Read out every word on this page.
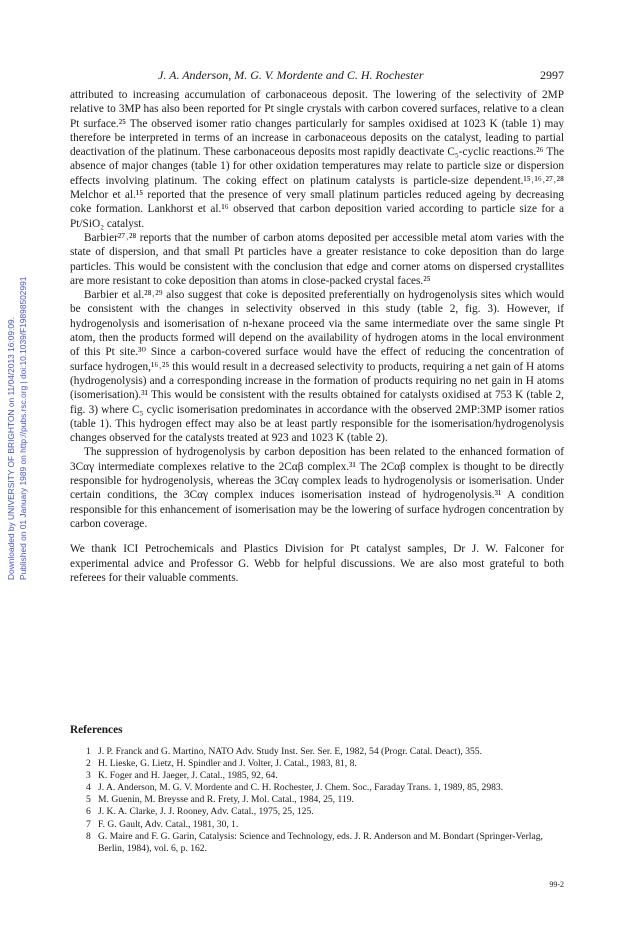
Downloaded by UNIVERSITY OF BRIGHTON on 11/04/2013 16:09:09. Published on 01 January 1989 on http://pubs.rsc.org | doi:10.1039/F19898502991
J. A. Anderson, M. G. V. Mordente and C. H. Rochester	2997

attributed to increasing accumulation of carbonaceous deposit. The lowering of the selectivity of 2MP relative to 3MP has also been reported for Pt single crystals with carbon covered surfaces, relative to a clean Pt surface.²⁵ The observed isomer ratio changes particularly for samples oxidised at 1023 K (table 1) may therefore be interpreted in terms of an increase in carbonaceous deposits on the catalyst, leading to partial deactivation of the platinum. These carbonaceous deposits most rapidly deactivate C₅-cyclic reactions.²⁶ The absence of major changes (table 1) for other oxidation temperatures may relate to particle size or dispersion effects involving platinum. The coking effect on platinum catalysts is particle-size dependent.¹⁵˒¹⁶˒²⁷˒²⁸ Melchor et al.¹⁵ reported that the presence of very small platinum particles reduced ageing by decreasing coke formation. Lankhorst et al.¹⁶ observed that carbon deposition varied according to particle size for a Pt/SiO₂ catalyst.

Barbier²⁷˒²⁸ reports that the number of carbon atoms deposited per accessible metal atom varies with the state of dispersion, and that small Pt particles have a greater resistance to coke deposition than do large particles. This would be consistent with the conclusion that edge and corner atoms on dispersed crystallites are more resistant to coke deposition than atoms in close-packed crystal faces.²⁵

Barbier et al.²⁸˒²⁹ also suggest that coke is deposited preferentially on hydrogenolysis sites which would be consistent with the changes in selectivity observed in this study (table 2, fig. 3). However, if hydrogenolysis and isomerisation of n-hexane proceed via the same intermediate over the same single Pt atom, then the products formed will depend on the availability of hydrogen atoms in the local environment of this Pt site.³⁰ Since a carbon-covered surface would have the effect of reducing the concentration of surface hydrogen,¹⁶˒²⁵ this would result in a decreased selectivity to products, requiring a net gain of H atoms (hydrogenolysis) and a corresponding increase in the formation of products requiring no net gain in H atoms (isomerisation).³¹ This would be consistent with the results obtained for catalysts oxidised at 753 K (table 2, fig. 3) where C₅ cyclic isomerisation predominates in accordance with the observed 2MP:3MP isomer ratios (table 1). This hydrogen effect may also be at least partly responsible for the isomerisation/hydrogenolysis changes observed for the catalysts treated at 923 and 1023 K (table 2).

The suppression of hydrogenolysis by carbon deposition has been related to the enhanced formation of 3Cαγ intermediate complexes relative to the 2Cαβ complex.³¹ The 2Cαβ complex is thought to be directly responsible for hydrogenolysis, whereas the 3Cαγ complex leads to hydrogenolysis or isomerisation. Under certain conditions, the 3Cαγ complex induces isomerisation instead of hydrogenolysis.³¹ A condition responsible for this enhancement of isomerisation may be the lowering of surface hydrogen concentration by carbon coverage.

We thank ICI Petrochemicals and Plastics Division for Pt catalyst samples, Dr J. W. Falconer for experimental advice and Professor G. Webb for helpful discussions. We are also most grateful to both referees for their valuable comments.

References
1 J. P. Franck and G. Martino, NATO Adv. Study Inst. Ser. Ser. E, 1982, 54 (Progr. Catal. Deact), 355.
2 H. Lieske, G. Lietz, H. Spindler and J. Volter, J. Catal., 1983, 81, 8.
3 K. Foger and H. Jaeger, J. Catal., 1985, 92, 64.
4 J. A. Anderson, M. G. V. Mordente and C. H. Rochester, J. Chem. Soc., Faraday Trans. 1, 1989, 85, 2983.
5 M. Guenin, M. Breysse and R. Frety, J. Mol. Catal., 1984, 25, 119.
6 J. K. A. Clarke, J. J. Rooney, Adv. Catal., 1975, 25, 125.
7 F. G. Gault, Adv. Catal., 1981, 30, 1.
8 G. Maire and F. G. Garin, Catalysis: Science and Technology, eds. J. R. Anderson and M. Bondart (Springer-Verlag, Berlin, 1984), vol. 6, p. 162.
99-2
